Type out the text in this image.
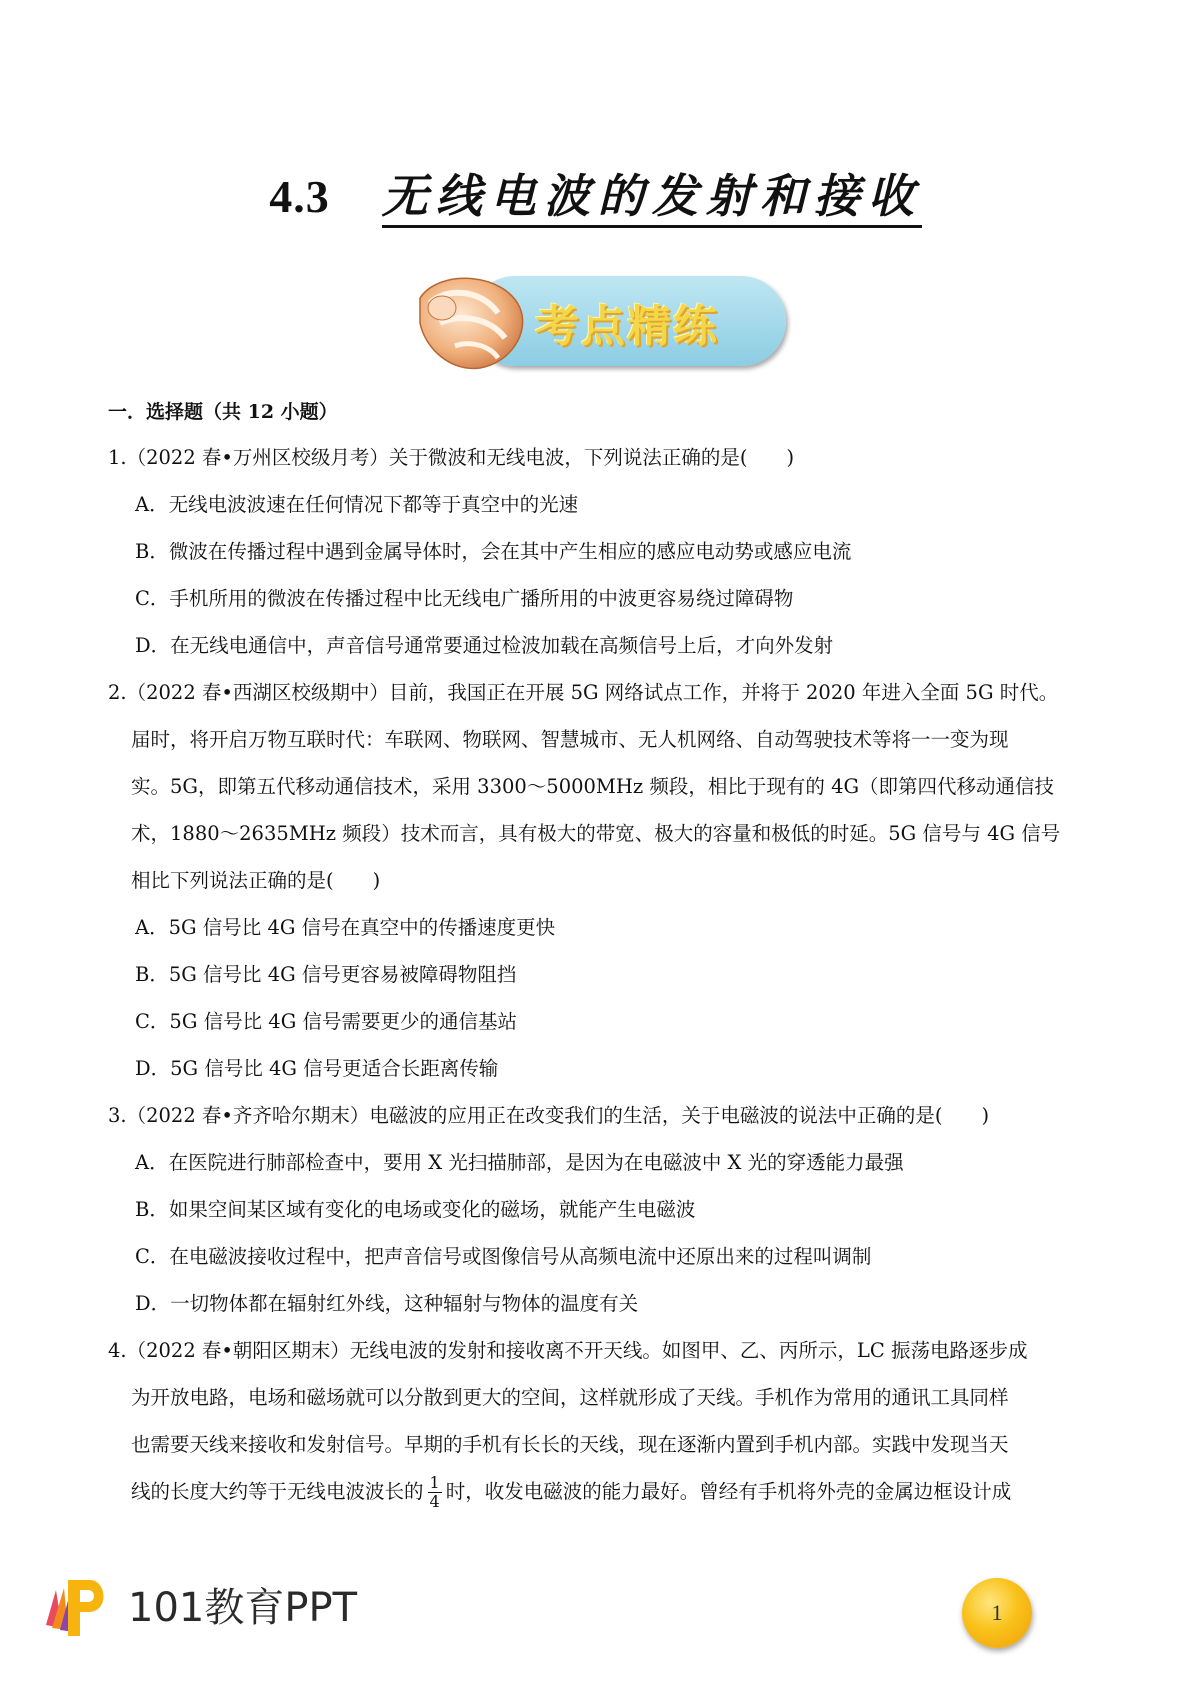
4.3 无线电波的发射和接收
考点精练
一．选择题（共 12 小题）
1.（2022 春•万州区校级月考）关于微波和无线电波，下列说法正确的是(　　)
A．无线电波波速在任何情况下都等于真空中的光速
B．微波在传播过程中遇到金属导体时，会在其中产生相应的感应电动势或感应电流
C．手机所用的微波在传播过程中比无线电广播所用的中波更容易绕过障碍物
D．在无线电通信中，声音信号通常要通过检波加载在高频信号上后，才向外发射
2.（2022 春•西湖区校级期中）目前，我国正在开展 5G 网络试点工作，并将于 2020 年进入全面 5G 时代。
届时，将开启万物互联时代：车联网、物联网、智慧城市、无人机网络、自动驾驶技术等将一一变为现
实。5G，即第五代移动通信技术，采用 3300～5000MHz 频段，相比于现有的 4G（即第四代移动通信技
术，1880～2635MHz 频段）技术而言，具有极大的带宽、极大的容量和极低的时延。5G 信号与 4G 信号
相比下列说法正确的是(　　)
A．5G 信号比 4G 信号在真空中的传播速度更快
B．5G 信号比 4G 信号更容易被障碍物阻挡
C．5G 信号比 4G 信号需要更少的通信基站
D．5G 信号比 4G 信号更适合长距离传输
3.（2022 春•齐齐哈尔期末）电磁波的应用正在改变我们的生活，关于电磁波的说法中正确的是(　　)
A．在医院进行肺部检查中，要用 X 光扫描肺部，是因为在电磁波中 X 光的穿透能力最强
B．如果空间某区域有变化的电场或变化的磁场，就能产生电磁波
C．在电磁波接收过程中，把声音信号或图像信号从高频电流中还原出来的过程叫调制
D．一切物体都在辐射红外线，这种辐射与物体的温度有关
4.（2022 春•朝阳区期末）无线电波的发射和接收离不开天线。如图甲、乙、丙所示，LC 振荡电路逐步成
为开放电路，电场和磁场就可以分散到更大的空间，这样就形成了天线。手机作为常用的通讯工具同样
也需要天线来接收和发射信号。早期的手机有长长的天线，现在逐渐内置到手机内部。实践中发现当天
线的长度大约等于无线电波波长的 $\frac{1}{4}$ 时，收发电磁波的能力最好。曾经有手机将外壳的金属边框设计成
101教育PPT	1
